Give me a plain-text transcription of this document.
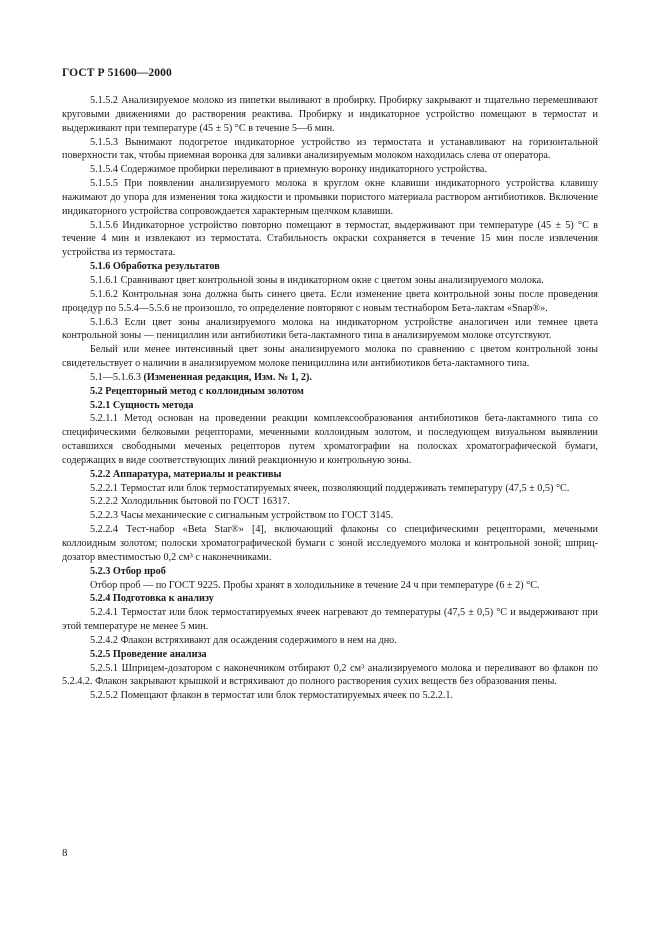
ГОСТ Р 51600—2000

5.1.5.2 Анализируемое молоко из пипетки выливают в пробирку. Пробирку закрывают и тщательно перемешивают круговыми движениями до растворения реактива. Пробирку и индикаторное устройство помещают в термостат и выдерживают при температуре (45 ± 5) °С в течение 5—6 мин.

5.1.5.3 Вынимают подогретое индикаторное устройство из термостата и устанавливают на горизонтальной поверхности так, чтобы приемная воронка для заливки анализируемым молоком находилась слева от оператора.

5.1.5.4 Содержимое пробирки переливают в приемную воронку индикаторного устройства.

5.1.5.5 При появлении анализируемого молока в круглом окне клавиши индикаторного устройства клавишу нажимают до упора для изменения тока жидкости и промывки пористого материала раствором антибиотиков. Включение индикаторного устройства сопровождается характерным щелчком клавиши.

5.1.5.6 Индикаторное устройство повторно помещают в термостат, выдерживают при температуре (45 ± 5) °С в течение 4 мин и извлекают из термостата. Стабильность окраски сохраняется в течение 15 мин после извлечения устройства из термостата.

5.1.6 Обработка результатов

5.1.6.1 Сравнивают цвет контрольной зоны в индикаторном окне с цветом зоны анализируемого молока.

5.1.6.2 Контрольная зона должна быть синего цвета. Если изменение цвета контрольной зоны после проведения процедур по 5.5.4—5.5.6 не произошло, то определение повторяют с новым тестнабором Бета-лактам «Snap®».

5.1.6.3 Если цвет зоны анализируемого молока на индикаторном устройстве аналогичен или темнее цвета контрольной зоны — пенициллин или антибиотики бета-лактамного типа в анализируемом молоке отсутствуют.

Белый или менее интенсивный цвет зоны анализируемого молока по сравнению с цветом контрольной зоны свидетельствует о наличии в анализируемом молоке пенициллина или антибиотиков бета-лактамного типа.

5.1—5.1.6.3 (Измененная редакция, Изм. № 1, 2).

5.2 Рецепторный метод с коллоидным золотом

5.2.1 Сущность метода

5.2.1.1 Метод основан на проведении реакции комплексообразования антибиотиков бета-лактамного типа со специфическими белковыми рецепторами, меченными коллоидным золотом, и последующем визуальном выявлении оставшихся свободными меченых рецепторов путем хроматографии на полосках хроматографической бумаги, содержащих в виде соответствующих линий реакционную и контрольную зоны.

5.2.2 Аппаратура, материалы и реактивы

5.2.2.1 Термостат или блок термостатируемых ячеек, позволяющий поддерживать температуру (47,5 ± 0,5) °С.

5.2.2.2 Холодильник бытовой по ГОСТ 16317.

5.2.2.3 Часы механические с сигнальным устройством по ГОСТ 3145.

5.2.2.4 Тест-набор «Beta Star®» [4], включающий флаконы со специфическими рецепторами, мечеными коллоидным золотом; полоски хроматографической бумаги с зоной исследуемого молока и контрольной зоной; шприц-дозатор вместимостью 0,2 см³ с наконечниками.

5.2.3 Отбор проб

Отбор проб — по ГОСТ 9225. Пробы хранят в холодильнике в течение 24 ч при температуре (6 ± 2) °С.

5.2.4 Подготовка к анализу

5.2.4.1 Термостат или блок термостатируемых ячеек нагревают до температуры (47,5 ± 0,5) °С и выдерживают при этой температуре не менее 5 мин.

5.2.4.2 Флакон встряхивают для осаждения содержимого в нем на дно.

5.2.5 Проведение анализа

5.2.5.1 Шприцем-дозатором с наконечником отбирают 0,2 см³ анализируемого молока и переливают во флакон по 5.2.4.2. Флакон закрывают крышкой и встряхивают до полного растворения сухих веществ без образования пены.

5.2.5.2 Помещают флакон в термостат или блок термостатируемых ячеек по 5.2.2.1.

8
